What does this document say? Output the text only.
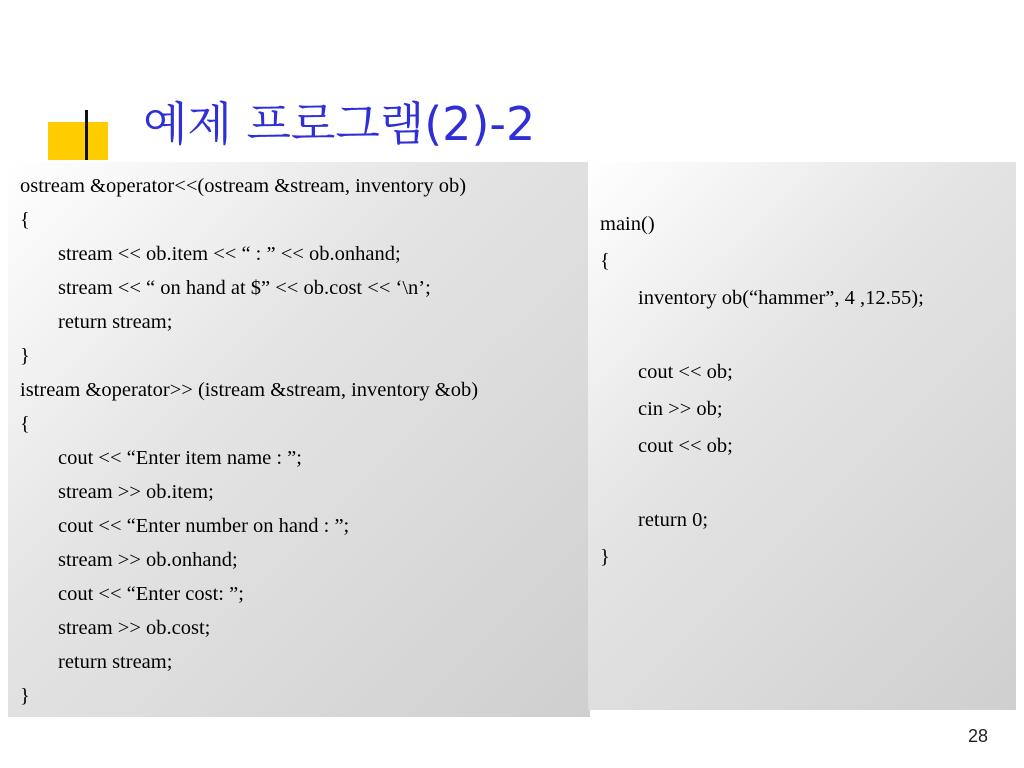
예제 프로그램(2)-2
ostream &operator<<(ostream &stream, inventory ob)
{
stream << ob.item << “ : ” << ob.onhand;
stream << “ on hand at $” << ob.cost << ‘\n’;
return stream;
}
istream &operator>> (istream &stream, inventory &ob)
{
cout << “Enter item name : ”;
stream >> ob.item;
cout << “Enter number on hand : ”;
stream >> ob.onhand;
cout << “Enter cost: ”;
stream >> ob.cost;
return stream;
}
main()
{
inventory ob(“hammer”, 4 ,12.55);
cout << ob;
cin >> ob;
cout << ob;
return 0;
}
28
